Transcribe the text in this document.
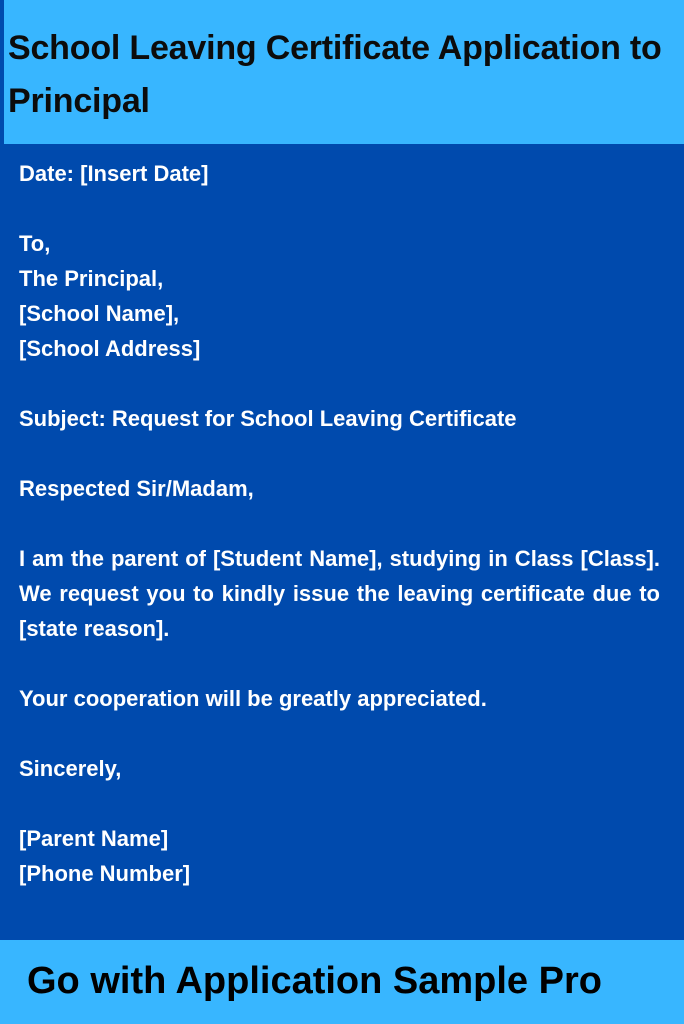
School Leaving Certificate Application to Principal

Date: [Insert Date]

To,

The Principal,

[School Name],

[School Address]

Subject: Request for School Leaving Certificate

Respected Sir/Madam,

I am the parent of [Student Name], studying in Class [Class]. We request you to kindly issue the leaving certificate due to [state reason].

Your cooperation will be greatly appreciated.

Sincerely,

[Parent Name]

[Phone Number]

Go with Application Sample Pro
